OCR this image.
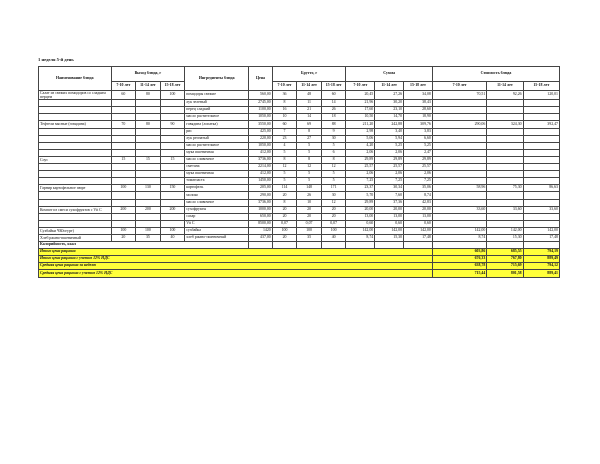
1 неделя 5-й день
Наименование блюда	Выход блюда, г			Ингредиенты блюда	Цена	Брутто, г			Сумма			Стоимость блюда		
	7-10 лет	11-14 лет	15-18 лет			7-10 лет	11-14 лет	15-18 лет	7-10 лет	11-14 лет	15-18 лет	7-10 лет	11-14 лет	15-18 лет
Салат из свежих помидоров со сладким перцем	60	80	100	помидоры свежие	560,00	36	48	60	20,45	27,26	34,08	70,51	92,26	120,01
				лук зеленый	2745,00	8	11	14	21,96	30,20	38,43			
				перец сладкий	1100,00	16	21	26	17,60	23,10	28,60			
				масло растительное	1050,00	10	14	18	10,50	14,70	18,90			
Тефтели мясные (говядина)	70	80	90	говядина (лопатка)	3550,00	60	69	88	211,20	242,88	309,76	290,06	324,30	392,47
				рис	425,00	7	8	9	2,98	3,40	3,83			
				лук репчатый	220,00	23	27	30	5,06	5,94	6,60			
				масло растительное	1050,00	4	5	5	4,20	5,25	5,25			
				мука пшеничная	412,00	5	5	6	2,06	2,06	2,47			
Соус	15	15	15	масло сливочное	3736,00	8	8	8	29,89	29,89	29,89			
				сметана	2214,00	12	12	12	25,57	25,57	25,57			
				мука пшеничная	412,00	5	5	5	2,06	2,06	2,06			
				томатпаста	1450,00	5	5	5	7,25	7,25	7,25			
Гарнир картофельное пюре	100	130	150	картофель	205,00	114	148	171	23,37	30,34	35,06	58,96	75,30	86,63
				молоко	290,00	20	26	30	5,70	7,60	8,74			
				масло сливочное	3736,00	8	10	12	29,89	37,36	42,83			
Компот из смеси сухофруктов с Vit C	200	200	200	сухофрукты	1000,00	20	20	20	20,00	20,00	20,00	33,60	33,60	33,60
				сахар	650,00	20	20	20	13,00	13,00	13,00			
				Vit C	8500,00	0,07	0,07	0,07	0,60	0,60	0,60			
Сухбайки ЧЮогурт)	100	100	100	сухбайка	1420	100	100	100	142,00	142,00	142,00	142,00	142,00	142,00
Хлеб ржано-пшеничный	20	35	40	хлеб ржано-пшеничный	437,00	20	35	40	8,74	15,30	17,48	8,74	15,30	17,48
Калорийность, ккал														
Итого цена рациона												603,86	685,55	794,19
Итого цена рациона с учетом 12% НДС												676,33	767,80	889,49
Средняя цена рациона за неделю												638,78	715,69	794,12
Средняя цена рациона с учетом 12% НДС												715,44	801,58	889,41
